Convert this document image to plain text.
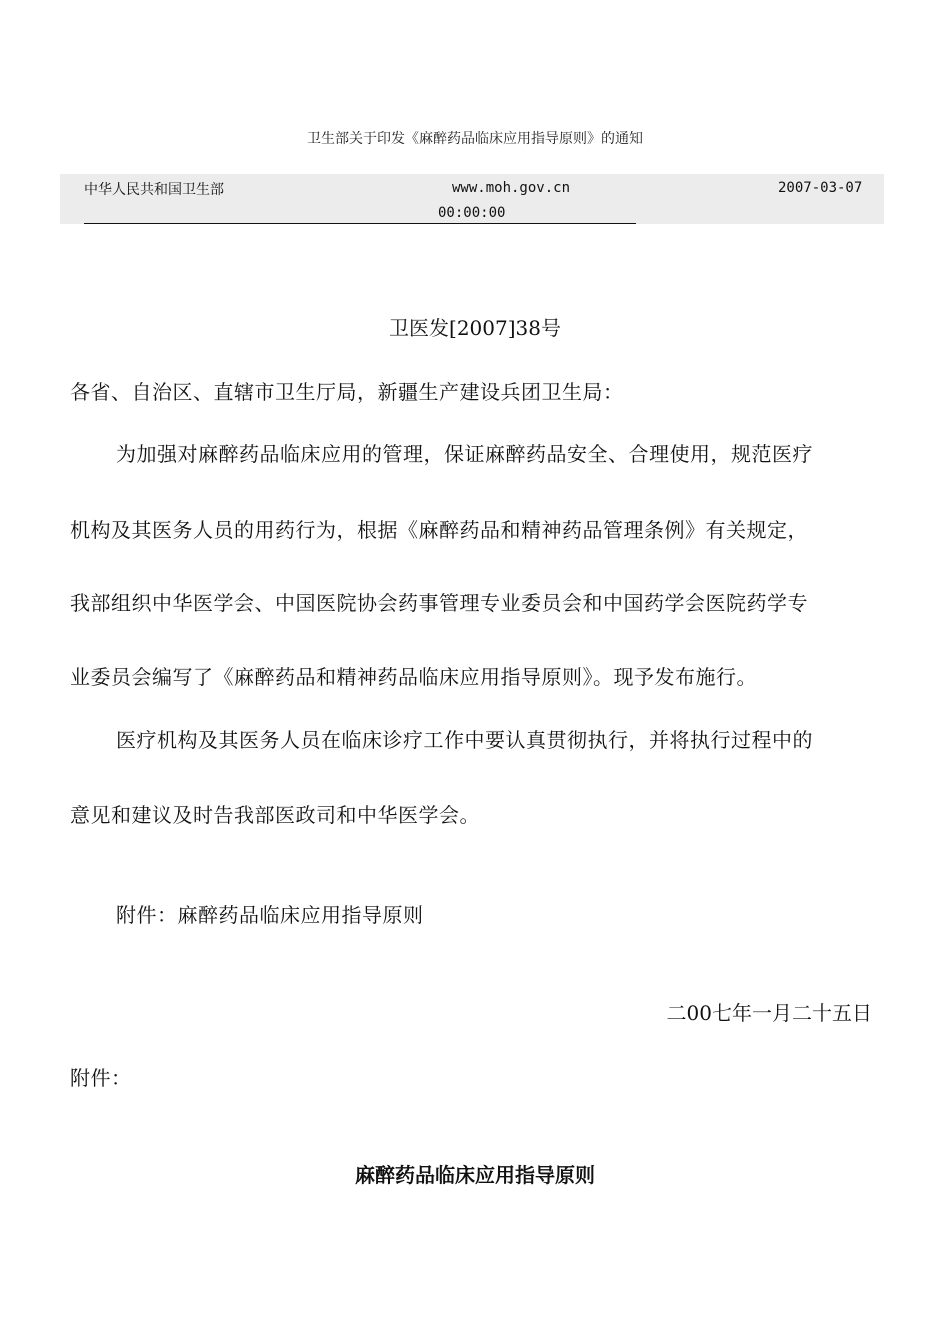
卫生部关于印发《麻醉药品临床应用指导原则》的通知
中华人民共和国卫生部	www.moh.gov.cn	2007-03-07
00:00:00
卫医发[2007]38号
各省、自治区、直辖市卫生厅局，新疆生产建设兵团卫生局：
为加强对麻醉药品临床应用的管理，保证麻醉药品安全、合理使用，规范医疗
机构及其医务人员的用药行为，根据《麻醉药品和精神药品管理条例》有关规定，
我部组织中华医学会、中国医院协会药事管理专业委员会和中国药学会医院药学专
业委员会编写了《麻醉药品和精神药品临床应用指导原则》。现予发布施行。
医疗机构及其医务人员在临床诊疗工作中要认真贯彻执行，并将执行过程中的
意见和建议及时告我部医政司和中华医学会。
附件：麻醉药品临床应用指导原则
二00七年一月二十五日
附件：
麻醉药品临床应用指导原则
